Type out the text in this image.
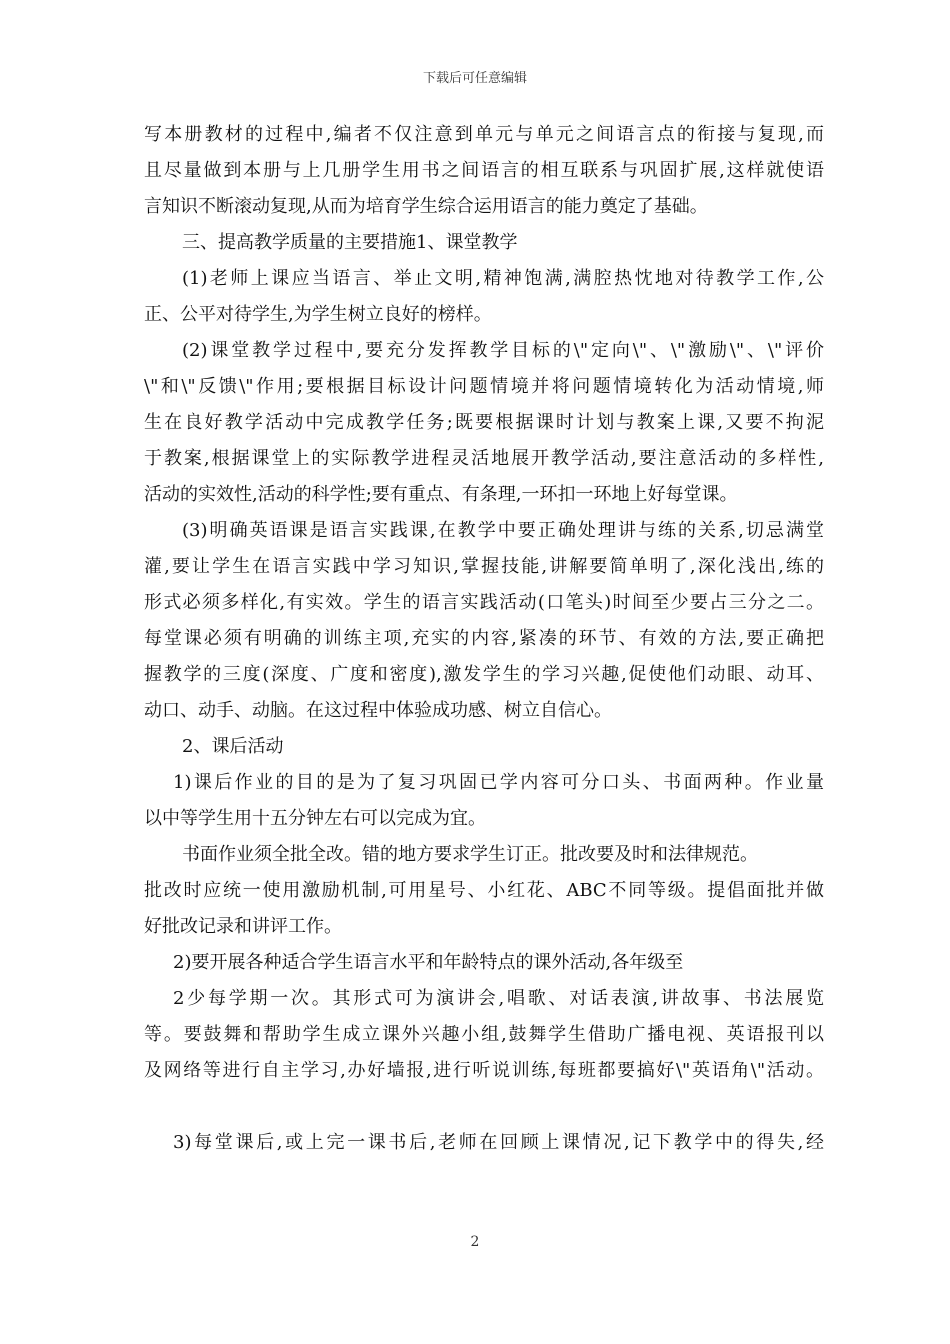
下载后可任意编辑
写本册教材的过程中,编者不仅注意到单元与单元之间语言点的衔接与复现,而
且尽量做到本册与上几册学生用书之间语言的相互联系与巩固扩展,这样就使语
言知识不断滚动复现,从而为培育学生综合运用语言的能力奠定了基础。
三、提高教学质量的主要措施1、课堂教学
(1)老师上课应当语言、举止文明,精神饱满,满腔热忱地对待教学工作,公
正、公平对待学生,为学生树立良好的榜样。
(2)课堂教学过程中,要充分发挥教学目标的\"定向\"、\"激励\"、\"评价
\"和\"反馈\"作用;要根据目标设计问题情境并将问题情境转化为活动情境,师
生在良好教学活动中完成教学任务;既要根据课时计划与教案上课,又要不拘泥
于教案,根据课堂上的实际教学进程灵活地展开教学活动,要注意活动的多样性,
活动的实效性,活动的科学性;要有重点、有条理,一环扣一环地上好每堂课。
(3)明确英语课是语言实践课,在教学中要正确处理讲与练的关系,切忌满堂
灌,要让学生在语言实践中学习知识,掌握技能,讲解要简单明了,深化浅出,练的
形式必须多样化,有实效。学生的语言实践活动(口笔头)时间至少要占三分之二。
每堂课必须有明确的训练主项,充实的内容,紧凑的环节、有效的方法,要正确把
握教学的三度(深度、广度和密度),激发学生的学习兴趣,促使他们动眼、动耳、
动口、动手、动脑。在这过程中体验成功感、树立自信心。
2、课后活动
1)课后作业的目的是为了复习巩固已学内容可分口头、书面两种。作业量
以中等学生用十五分钟左右可以完成为宜。
书面作业须全批全改。错的地方要求学生订正。批改要及时和法律规范。
批改时应统一使用激励机制,可用星号、小红花、ABC不同等级。提倡面批并做
好批改记录和讲评工作。
2)要开展各种适合学生语言水平和年龄特点的课外活动,各年级至
2少每学期一次。其形式可为演讲会,唱歌、对话表演,讲故事、书法展览
等。要鼓舞和帮助学生成立课外兴趣小组,鼓舞学生借助广播电视、英语报刊以
及网络等进行自主学习,办好墙报,进行听说训练,每班都要搞好\"英语角\"活动。
3)每堂课后,或上完一课书后,老师在回顾上课情况,记下教学中的得失,经
2
